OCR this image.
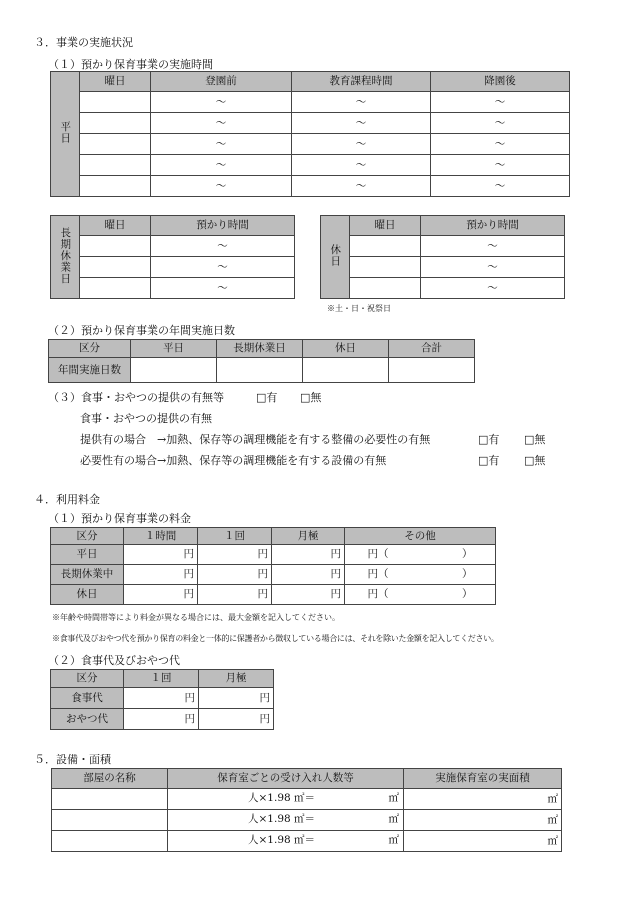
３．事業の実施状況
（１）預かり保育事業の実施時間
平日	曜日	登園前	教育課程時間	降園後
		～	～	～
		～	～	～
		～	～	～
		～	～	～
		～	～	～
長期休業日	曜日	預かり時間
		～
		～
		～
休日	曜日	預かり時間
		～
		～
		～
※土・日・祝祭日
（２）預かり保育事業の年間実施日数
区分	平日	長期休業日	休日	合計
年間実施日数				
（３）食事・おやつの提供の有無等	□有 □無
食事・おやつの提供の有無
提供有の場合　→加熱、保存等の調理機能を有する整備の必要性の有無	□有 □無
必要性有の場合→加熱、保存等の調理機能を有する設備の有無	□有 □無
４．利用料金
（１）預かり保育事業の料金
区分	１時間	１回	月極	その他
平日	円	円	円	円（　　　　　　　）
長期休業中	円	円	円	円（　　　　　　　）
休日	円	円	円	円（　　　　　　　）
※年齢や時間帯等により料金が異なる場合には、最大金額を記入してください。
※食事代及びおやつ代を預かり保育の料金と一体的に保護者から徴収している場合には、それを除いた金額を記入してください。
（２）食事代及びおやつ代
区分	１回	月極
食事代	円	円
おやつ代	円	円
５．設備・面積
部屋の名称	保育室ごとの受け入れ人数等	実施保育室の実面積

	人×1.98 ㎡＝ ㎡	㎡

	人×1.98 ㎡＝ ㎡	㎡

	人×1.98 ㎡＝ ㎡	㎡
